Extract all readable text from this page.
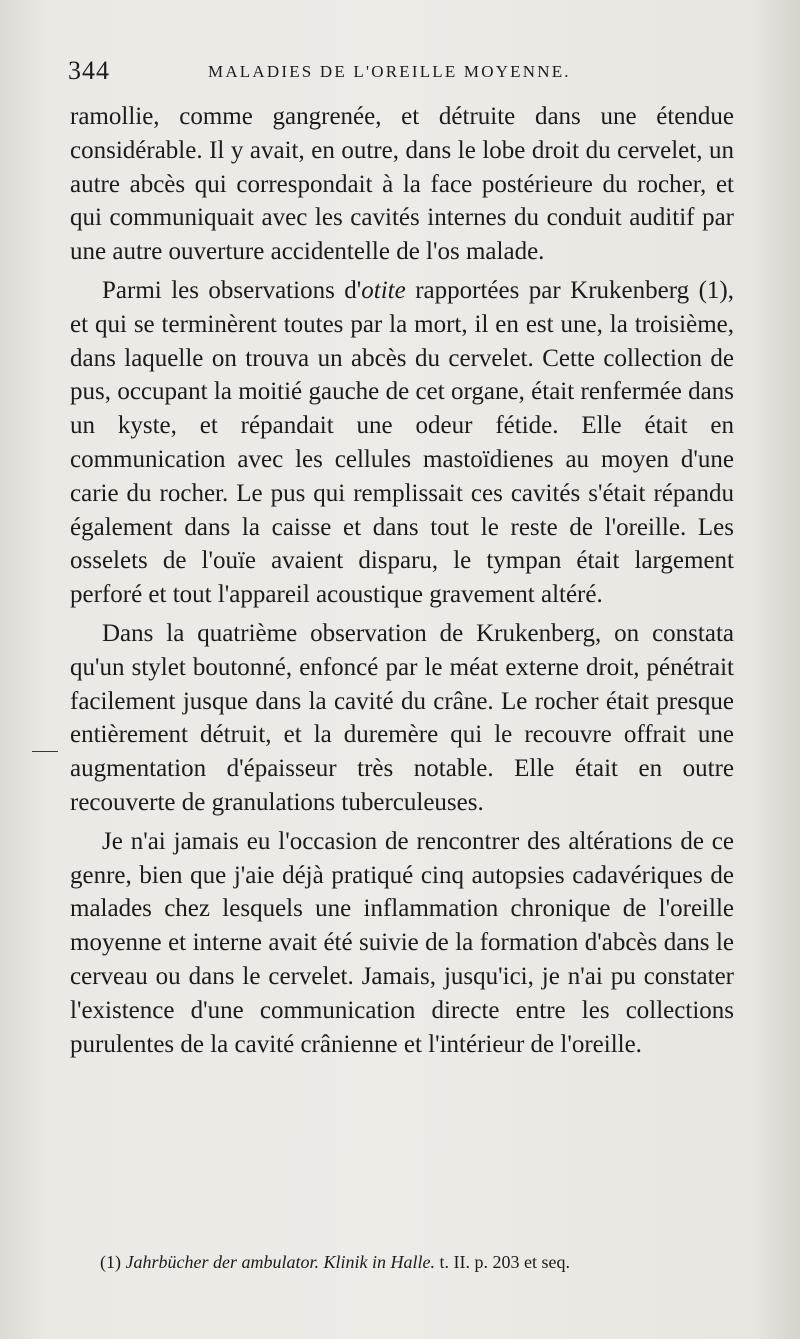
344	MALADIES DE L'OREILLE MOYENNE.

ramollie, comme gangrenée, et détruite dans une étendue considérable. Il y avait, en outre, dans le lobe droit du cervelet, un autre abcès qui correspondait à la face postérieure du rocher, et qui communiquait avec les cavités internes du conduit auditif par une autre ouverture accidentelle de l'os malade.

Parmi les observations d'otite rapportées par Krukenberg (1), et qui se terminèrent toutes par la mort, il en est une, la troisième, dans laquelle on trouva un abcès du cervelet. Cette collection de pus, occupant la moitié gauche de cet organe, était renfermée dans un kyste, et répandait une odeur fétide. Elle était en communication avec les cellules mastoïdienes au moyen d'une carie du rocher. Le pus qui remplissait ces cavités s'était répandu également dans la caisse et dans tout le reste de l'oreille. Les osselets de l'ouïe avaient disparu, le tympan était largement perforé et tout l'appareil acoustique gravement altéré.

Dans la quatrième observation de Krukenberg, on constata qu'un stylet boutonné, enfoncé par le méat externe droit, pénétrait facilement jusque dans la cavité du crâne. Le rocher était presque entièrement détruit, et la duremère qui le recouvre offrait une augmentation d'épaisseur très notable. Elle était en outre recouverte de granulations tuberculeuses.

Je n'ai jamais eu l'occasion de rencontrer des altérations de ce genre, bien que j'aie déjà pratiqué cinq autopsies cadavériques de malades chez lesquels une inflammation chronique de l'oreille moyenne et interne avait été suivie de la formation d'abcès dans le cerveau ou dans le cervelet. Jamais, jusqu'ici, je n'ai pu constater l'existence d'une communication directe entre les collections purulentes de la cavité crânienne et l'intérieur de l'oreille.

(1) Jahrbücher der ambulator. Klinik in Halle. t. II. p. 203 et seq.
